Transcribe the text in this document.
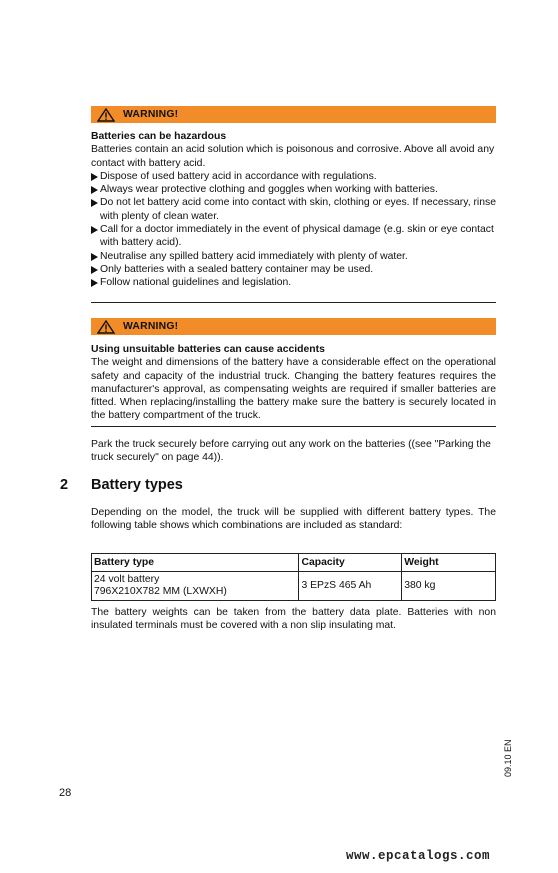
WARNING!
Batteries can be hazardous
Batteries contain an acid solution which is poisonous and corrosive. Above all avoid any contact with battery acid.
Dispose of used battery acid in accordance with regulations.
Always wear protective clothing and goggles when working with batteries.
Do not let battery acid come into contact with skin, clothing or eyes. If necessary, rinse with plenty of clean water.
Call for a doctor immediately in the event of physical damage (e.g. skin or eye contact with battery acid).
Neutralise any spilled battery acid immediately with plenty of water.
Only batteries with a sealed battery container may be used.
Follow national guidelines and legislation.
WARNING!
Using unsuitable batteries can cause accidents
The weight and dimensions of the battery have a considerable effect on the operational safety and capacity of the industrial truck. Changing the battery features requires the manufacturer's approval, as compensating weights are required if smaller batteries are fitted. When replacing/installing the battery make sure the battery is securely located in the battery compartment of the truck.
Park the truck securely before carrying out any work on the batteries ((see "Parking the truck securely" on page 44)).
2 Battery types
Depending on the model, the truck will be supplied with different battery types. The following table shows which combinations are included as standard:
Battery type	Capacity	Weight

24 volt battery
796X210X782 MM (LXWXH)	3 EPzS 465 Ah	380 kg
The battery weights can be taken from the battery data plate. Batteries with non insulated terminals must be covered with a non slip insulating mat.
09.10 EN
28
www.epcatalogs.com
